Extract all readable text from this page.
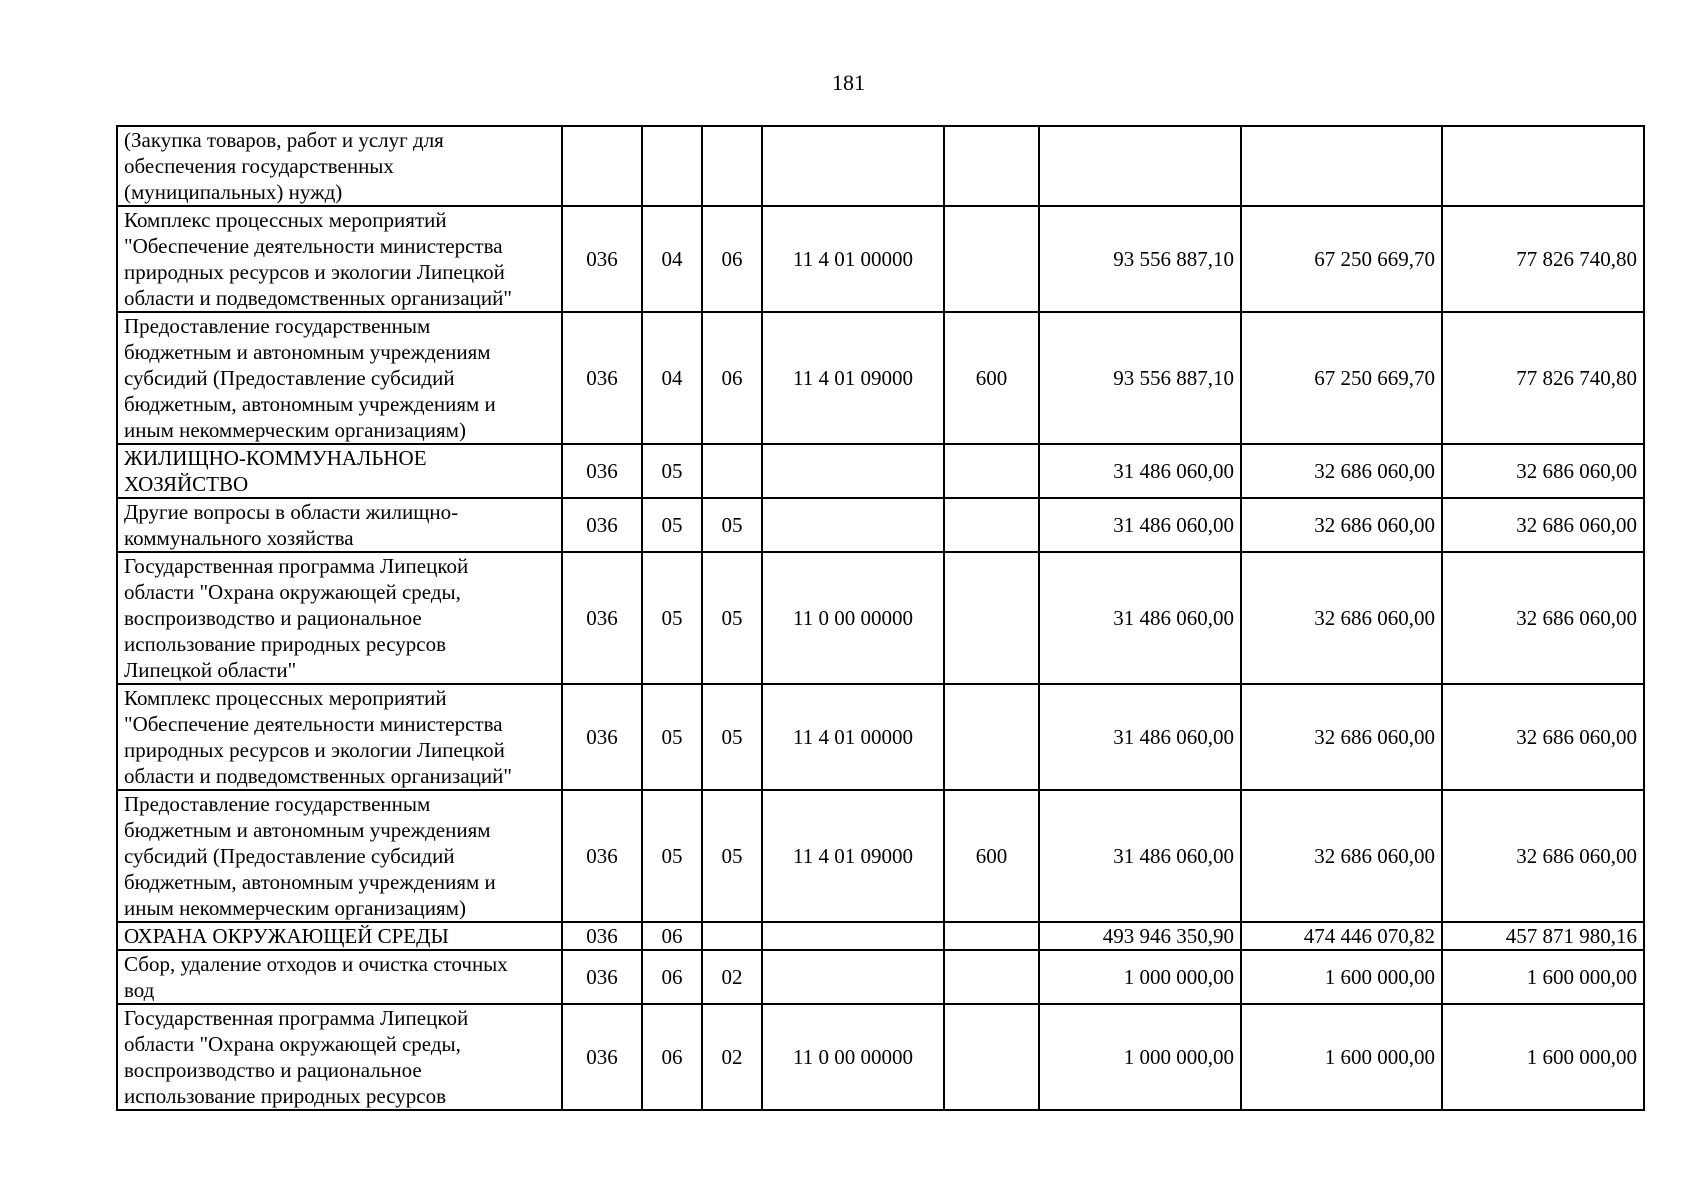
181
(Закупка товаров, работ и услуг для
обеспечения государственных
(муниципальных) нужд)								
Комплекс процессных мероприятий
"Обеспечение деятельности министерства
природных ресурсов и экологии Липецкой
области и подведомственных организаций"	036	04	06	11 4 01 00000		93 556 887,10	67 250 669,70	77 826 740,80
Предоставление государственным
бюджетным и автономным учреждениям
субсидий (Предоставление субсидий
бюджетным, автономным учреждениям и
иным некоммерческим организациям)	036	04	06	11 4 01 09000	600	93 556 887,10	67 250 669,70	77 826 740,80
ЖИЛИЩНО-КОММУНАЛЬНОЕ
ХОЗЯЙСТВО	036	05				31 486 060,00	32 686 060,00	32 686 060,00
Другие вопросы в области жилищно-
коммунального хозяйства	036	05	05			31 486 060,00	32 686 060,00	32 686 060,00
Государственная программа Липецкой
области "Охрана окружающей среды,
воспроизводство и рациональное
использование природных ресурсов
Липецкой области"	036	05	05	11 0 00 00000		31 486 060,00	32 686 060,00	32 686 060,00
Комплекс процессных мероприятий
"Обеспечение деятельности министерства
природных ресурсов и экологии Липецкой
области и подведомственных организаций"	036	05	05	11 4 01 00000		31 486 060,00	32 686 060,00	32 686 060,00
Предоставление государственным
бюджетным и автономным учреждениям
субсидий (Предоставление субсидий
бюджетным, автономным учреждениям и
иным некоммерческим организациям)	036	05	05	11 4 01 09000	600	31 486 060,00	32 686 060,00	32 686 060,00
ОХРАНА ОКРУЖАЮЩЕЙ СРЕДЫ	036	06				493 946 350,90	474 446 070,82	457 871 980,16
Сбор, удаление отходов и очистка сточных
вод	036	06	02			1 000 000,00	1 600 000,00	1 600 000,00
Государственная программа Липецкой
области "Охрана окружающей среды,
воспроизводство и рациональное
использование природных ресурсов	036	06	02	11 0 00 00000		1 000 000,00	1 600 000,00	1 600 000,00
